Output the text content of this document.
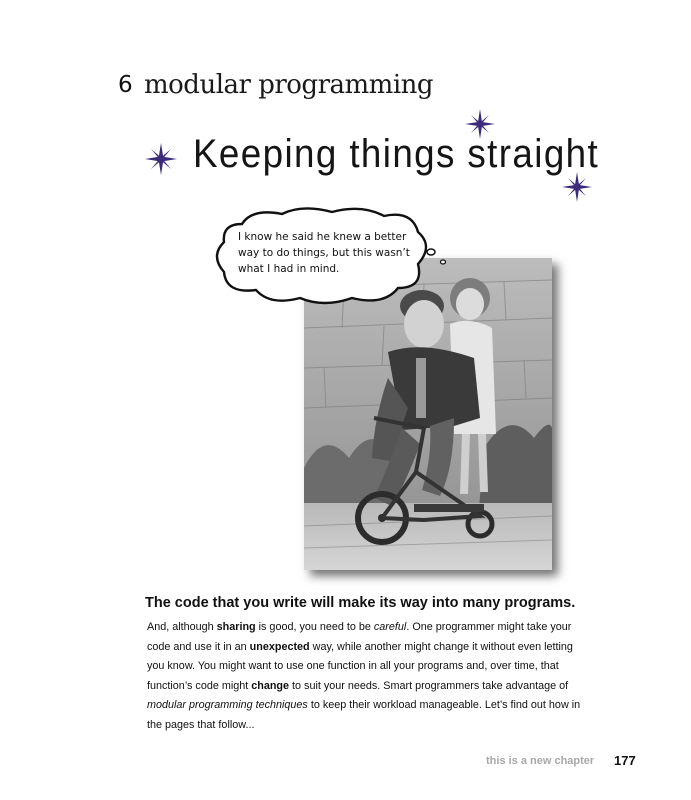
6 modular programming
Keeping things straight
I know he said he knew a better way to do things, but this wasn’t what I had in mind.
The code that you write will make its way into many programs.
And, although sharing is good, you need to be careful. One programmer might take your code and use it in an unexpected way, while another might change it without even letting you know. You might want to use one function in all your programs and, over time, that function’s code might change to suit your needs. Smart programmers take advantage of modular programming techniques to keep their workload manageable. Let’s find out how in the pages that follow...
this is a new chapter 177
